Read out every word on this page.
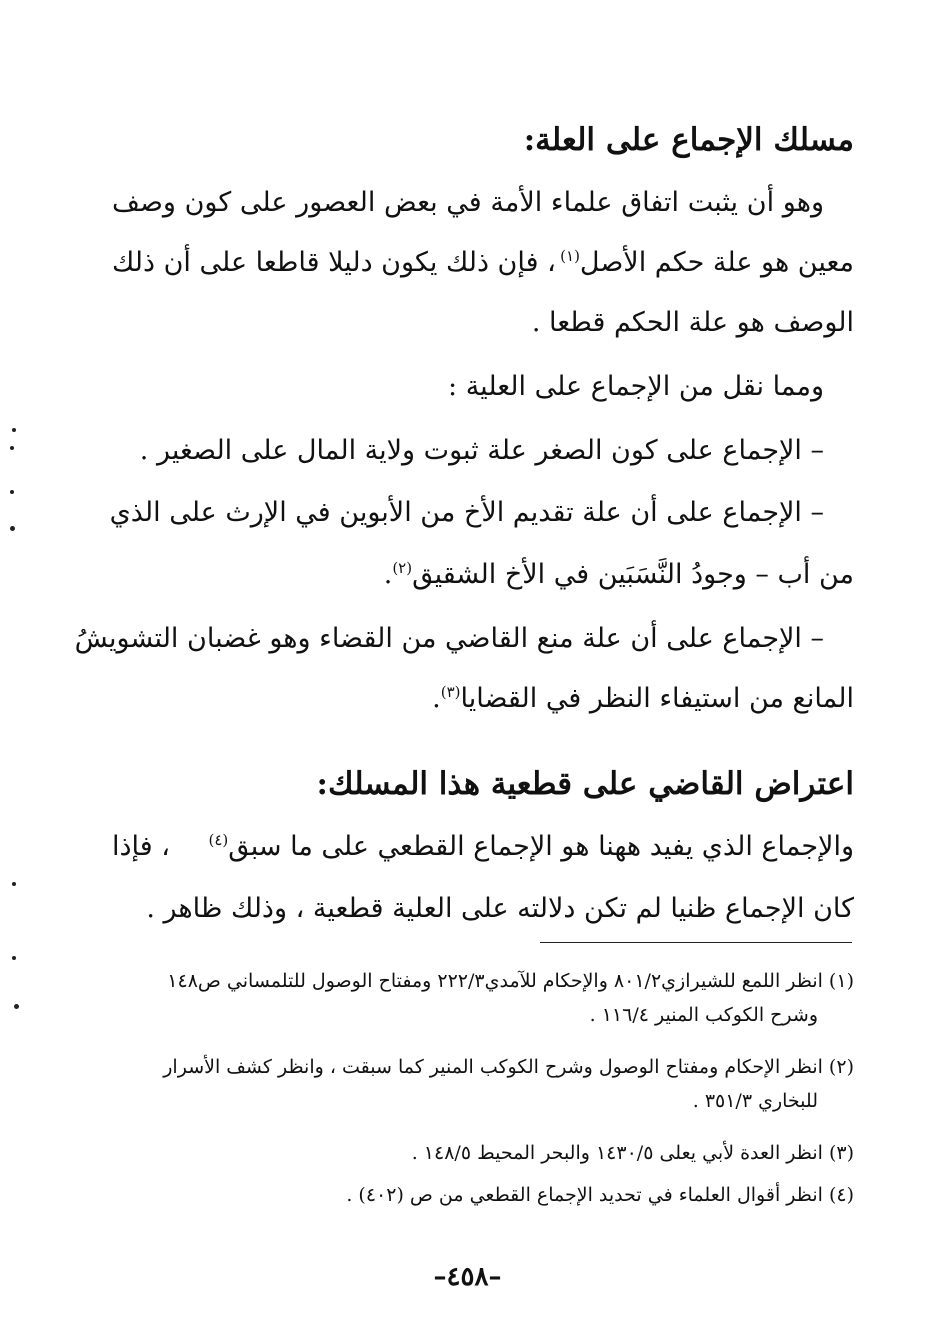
مسلك الإجماع على العلة:
وهو أن يثبت اتفاق علماء الأمة في بعض العصور على كون وصف
معين هو علة حكم الأصل$^{(١)}$
، فإن ذلك يكون دليلا قاطعا على أن ذلك
الوصف هو علة الحكم قطعا .
ومما نقل من الإجماع على العلية :
– الإجماع على كون الصغر علة ثبوت ولاية المال على الصغير .
– الإجماع على أن علة تقديم الأخ من الأبوين في الإرث على الذي
من أب – وجودُ النَّسَبَين في الأخ الشقيق$^{(٢)}$.
– الإجماع على أن علة منع القاضي من القضاء وهو غضبان التشويشُ
المانع من استيفاء النظر في القضايا$^{(٣)}$.
اعتراض القاضي على قطعية هذا المسلك:
والإجماع الذي يفيد ههنا هو الإجماع القطعي على ما سبق$^{(٤)}$
، فإذا
كان الإجماع ظنيا لم تكن دلالته على العلية قطعية ، وذلك ظاهر .
(١) انظر اللمع للشيرازي٨٠١/٢ والإحكام للآمدي٢٢٢/٣ ومفتاح الوصول للتلمساني ص١٤٨
وشرح الكوكب المنير ١١٦/٤ .
(٢) انظر الإحكام ومفتاح الوصول وشرح الكوكب المنير كما سبقت ، وانظر كشف الأسرار
للبخاري ٣٥١/٣ .
(٣) انظر العدة لأبي يعلى ١٤٣٠/٥ والبحر المحيط ١٤٨/٥ .
(٤) انظر أقوال العلماء في تحديد الإجماع القطعي من ص (٤٠٢) .
–٤٥٨–
